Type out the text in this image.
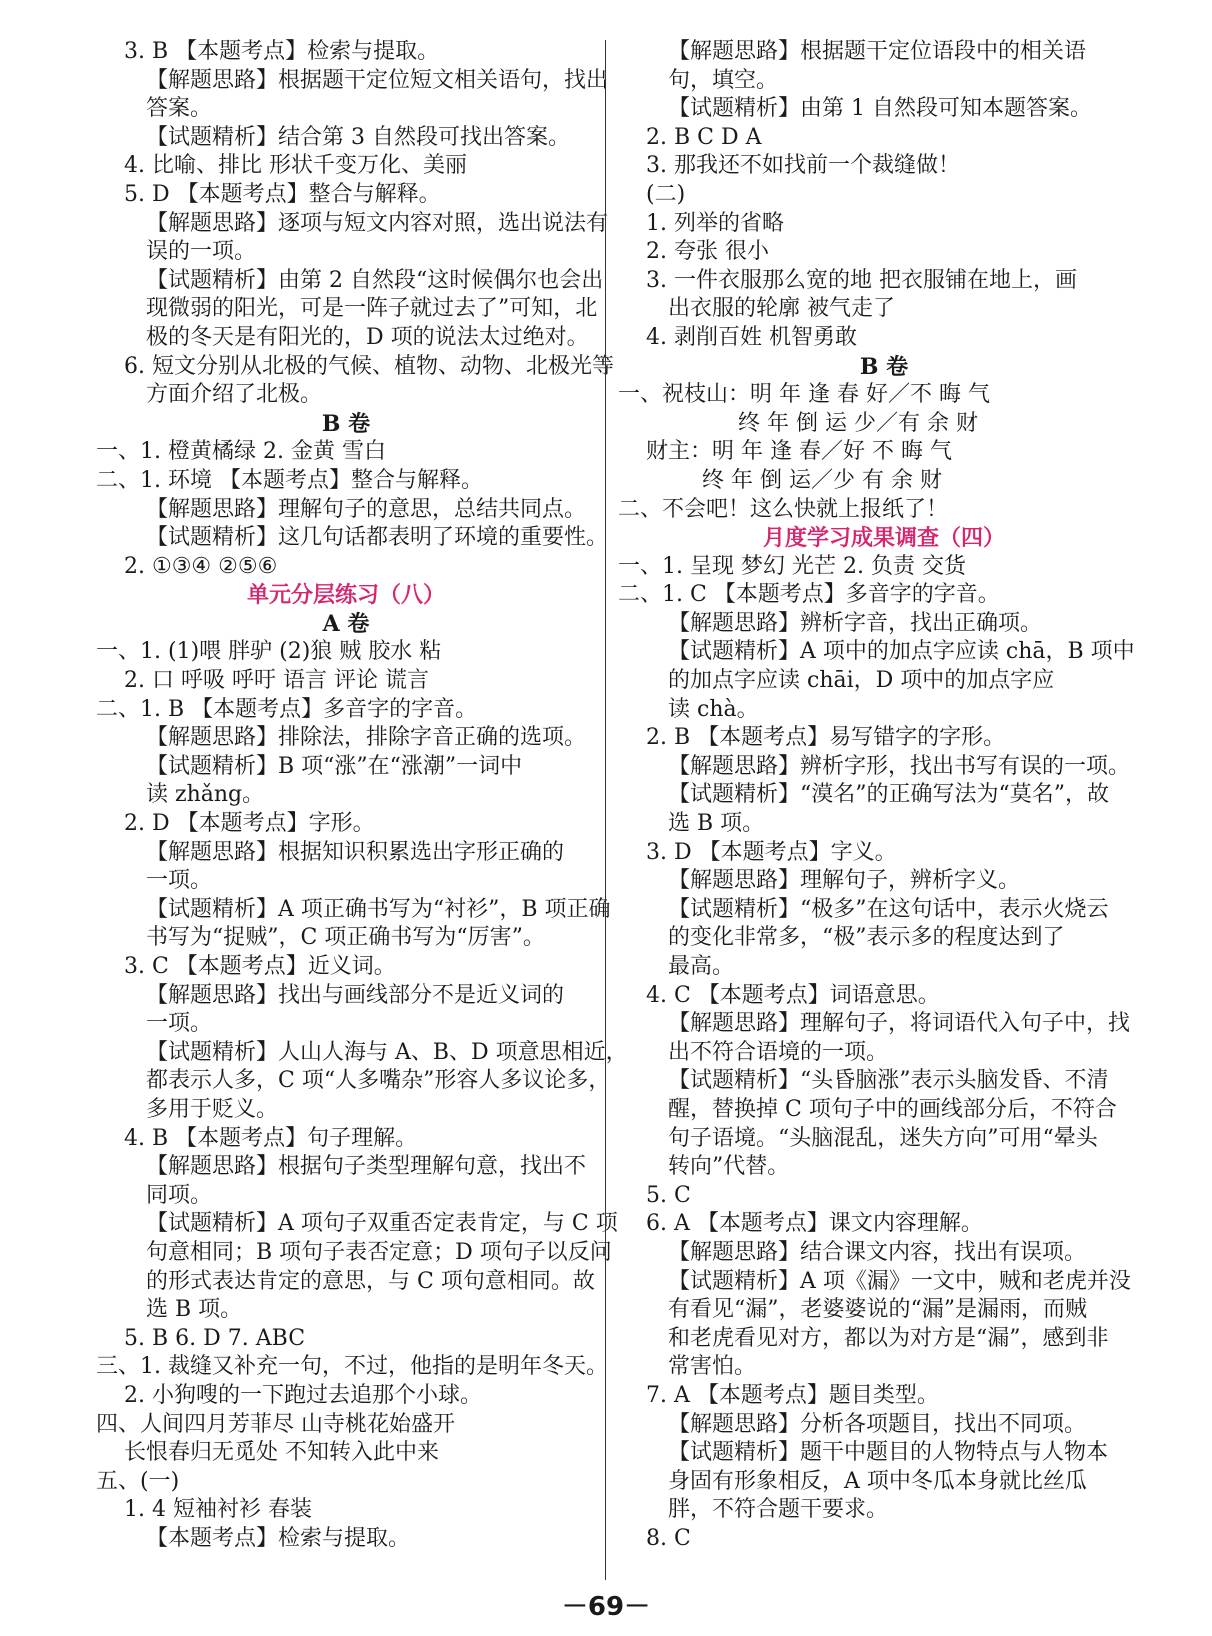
3. B 【本题考点】检索与提取。
【解题思路】根据题干定位短文相关语句，找出
答案。
【试题精析】结合第 3 自然段可找出答案。
4. 比喻、排比 形状千变万化、美丽
5. D 【本题考点】整合与解释。
【解题思路】逐项与短文内容对照，选出说法有
误的一项。
【试题精析】由第 2 自然段“这时候偶尔也会出
现微弱的阳光，可是一阵子就过去了”可知，北
极的冬天是有阳光的，D 项的说法太过绝对。
6. 短文分别从北极的气候、植物、动物、北极光等
方面介绍了北极。
B 卷
一、1. 橙黄橘绿 2. 金黄 雪白
二、1. 环境 【本题考点】整合与解释。
【解题思路】理解句子的意思，总结共同点。
【试题精析】这几句话都表明了环境的重要性。
2. ①③④ ②⑤⑥
单元分层练习（八）
A 卷
一、1. (1)喂 胖驴 (2)狼 贼 胶水 粘
2. 口 呼吸 呼吁 语言 评论 谎言
二、1. B 【本题考点】多音字的字音。
【解题思路】排除法，排除字音正确的选项。
【试题精析】B 项“涨”在“涨潮”一词中
读 zhǎng。
2. D 【本题考点】字形。
【解题思路】根据知识积累选出字形正确的
一项。
【试题精析】A 项正确书写为“衬衫”，B 项正确
书写为“捉贼”，C 项正确书写为“厉害”。
3. C 【本题考点】近义词。
【解题思路】找出与画线部分不是近义词的
一项。
【试题精析】人山人海与 A、B、D 项意思相近，
都表示人多，C 项“人多嘴杂”形容人多议论多，
多用于贬义。
4. B 【本题考点】句子理解。
【解题思路】根据句子类型理解句意，找出不
同项。
【试题精析】A 项句子双重否定表肯定，与 C 项
句意相同；B 项句子表否定意；D 项句子以反问
的形式表达肯定的意思，与 C 项句意相同。故
选 B 项。
5. B 6. D 7. ABC
三、1. 裁缝又补充一句，不过，他指的是明年冬天。
2. 小狗嗖的一下跑过去追那个小球。
四、人间四月芳菲尽 山寺桃花始盛开
长恨春归无觅处 不知转入此中来
五、(一)
1. 4 短袖衬衫 春装
【本题考点】检索与提取。
【解题思路】根据题干定位语段中的相关语
句，填空。
【试题精析】由第 1 自然段可知本题答案。
2. B C D A
3. 那我还不如找前一个裁缝做！
(二)
1. 列举的省略
2. 夸张 很小
3. 一件衣服那么宽的地 把衣服铺在地上，画
出衣服的轮廓 被气走了
4. 剥削百姓 机智勇敢
B 卷
一、祝枝山：明 年 逢 春 好／不 晦 气
终 年 倒 运 少／有 余 财
财主：明 年 逢 春／好 不 晦 气
终 年 倒 运／少 有 余 财
二、不会吧！这么快就上报纸了！
月度学习成果调查（四）
一、1. 呈现 梦幻 光芒 2. 负责 交货
二、1. C 【本题考点】多音字的字音。
【解题思路】辨析字音，找出正确项。
【试题精析】A 项中的加点字应读 chā，B 项中
的加点字应读 chāi，D 项中的加点字应
读 chà。
2. B 【本题考点】易写错字的字形。
【解题思路】辨析字形，找出书写有误的一项。
【试题精析】“漠名”的正确写法为“莫名”，故
选 B 项。
3. D 【本题考点】字义。
【解题思路】理解句子，辨析字义。
【试题精析】“极多”在这句话中，表示火烧云
的变化非常多，“极”表示多的程度达到了
最高。
4. C 【本题考点】词语意思。
【解题思路】理解句子，将词语代入句子中，找
出不符合语境的一项。
【试题精析】“头昏脑涨”表示头脑发昏、不清
醒，替换掉 C 项句子中的画线部分后，不符合
句子语境。“头脑混乱，迷失方向”可用“晕头
转向”代替。
5. C
6. A 【本题考点】课文内容理解。
【解题思路】结合课文内容，找出有误项。
【试题精析】A 项《漏》一文中，贼和老虎并没
有看见“漏”，老婆婆说的“漏”是漏雨，而贼
和老虎看见对方，都以为对方是“漏”，感到非
常害怕。
7. A 【本题考点】题目类型。
【解题思路】分析各项题目，找出不同项。
【试题精析】题干中题目的人物特点与人物本
身固有形象相反，A 项中冬瓜本身就比丝瓜
胖，不符合题干要求。
8. C
－69－
